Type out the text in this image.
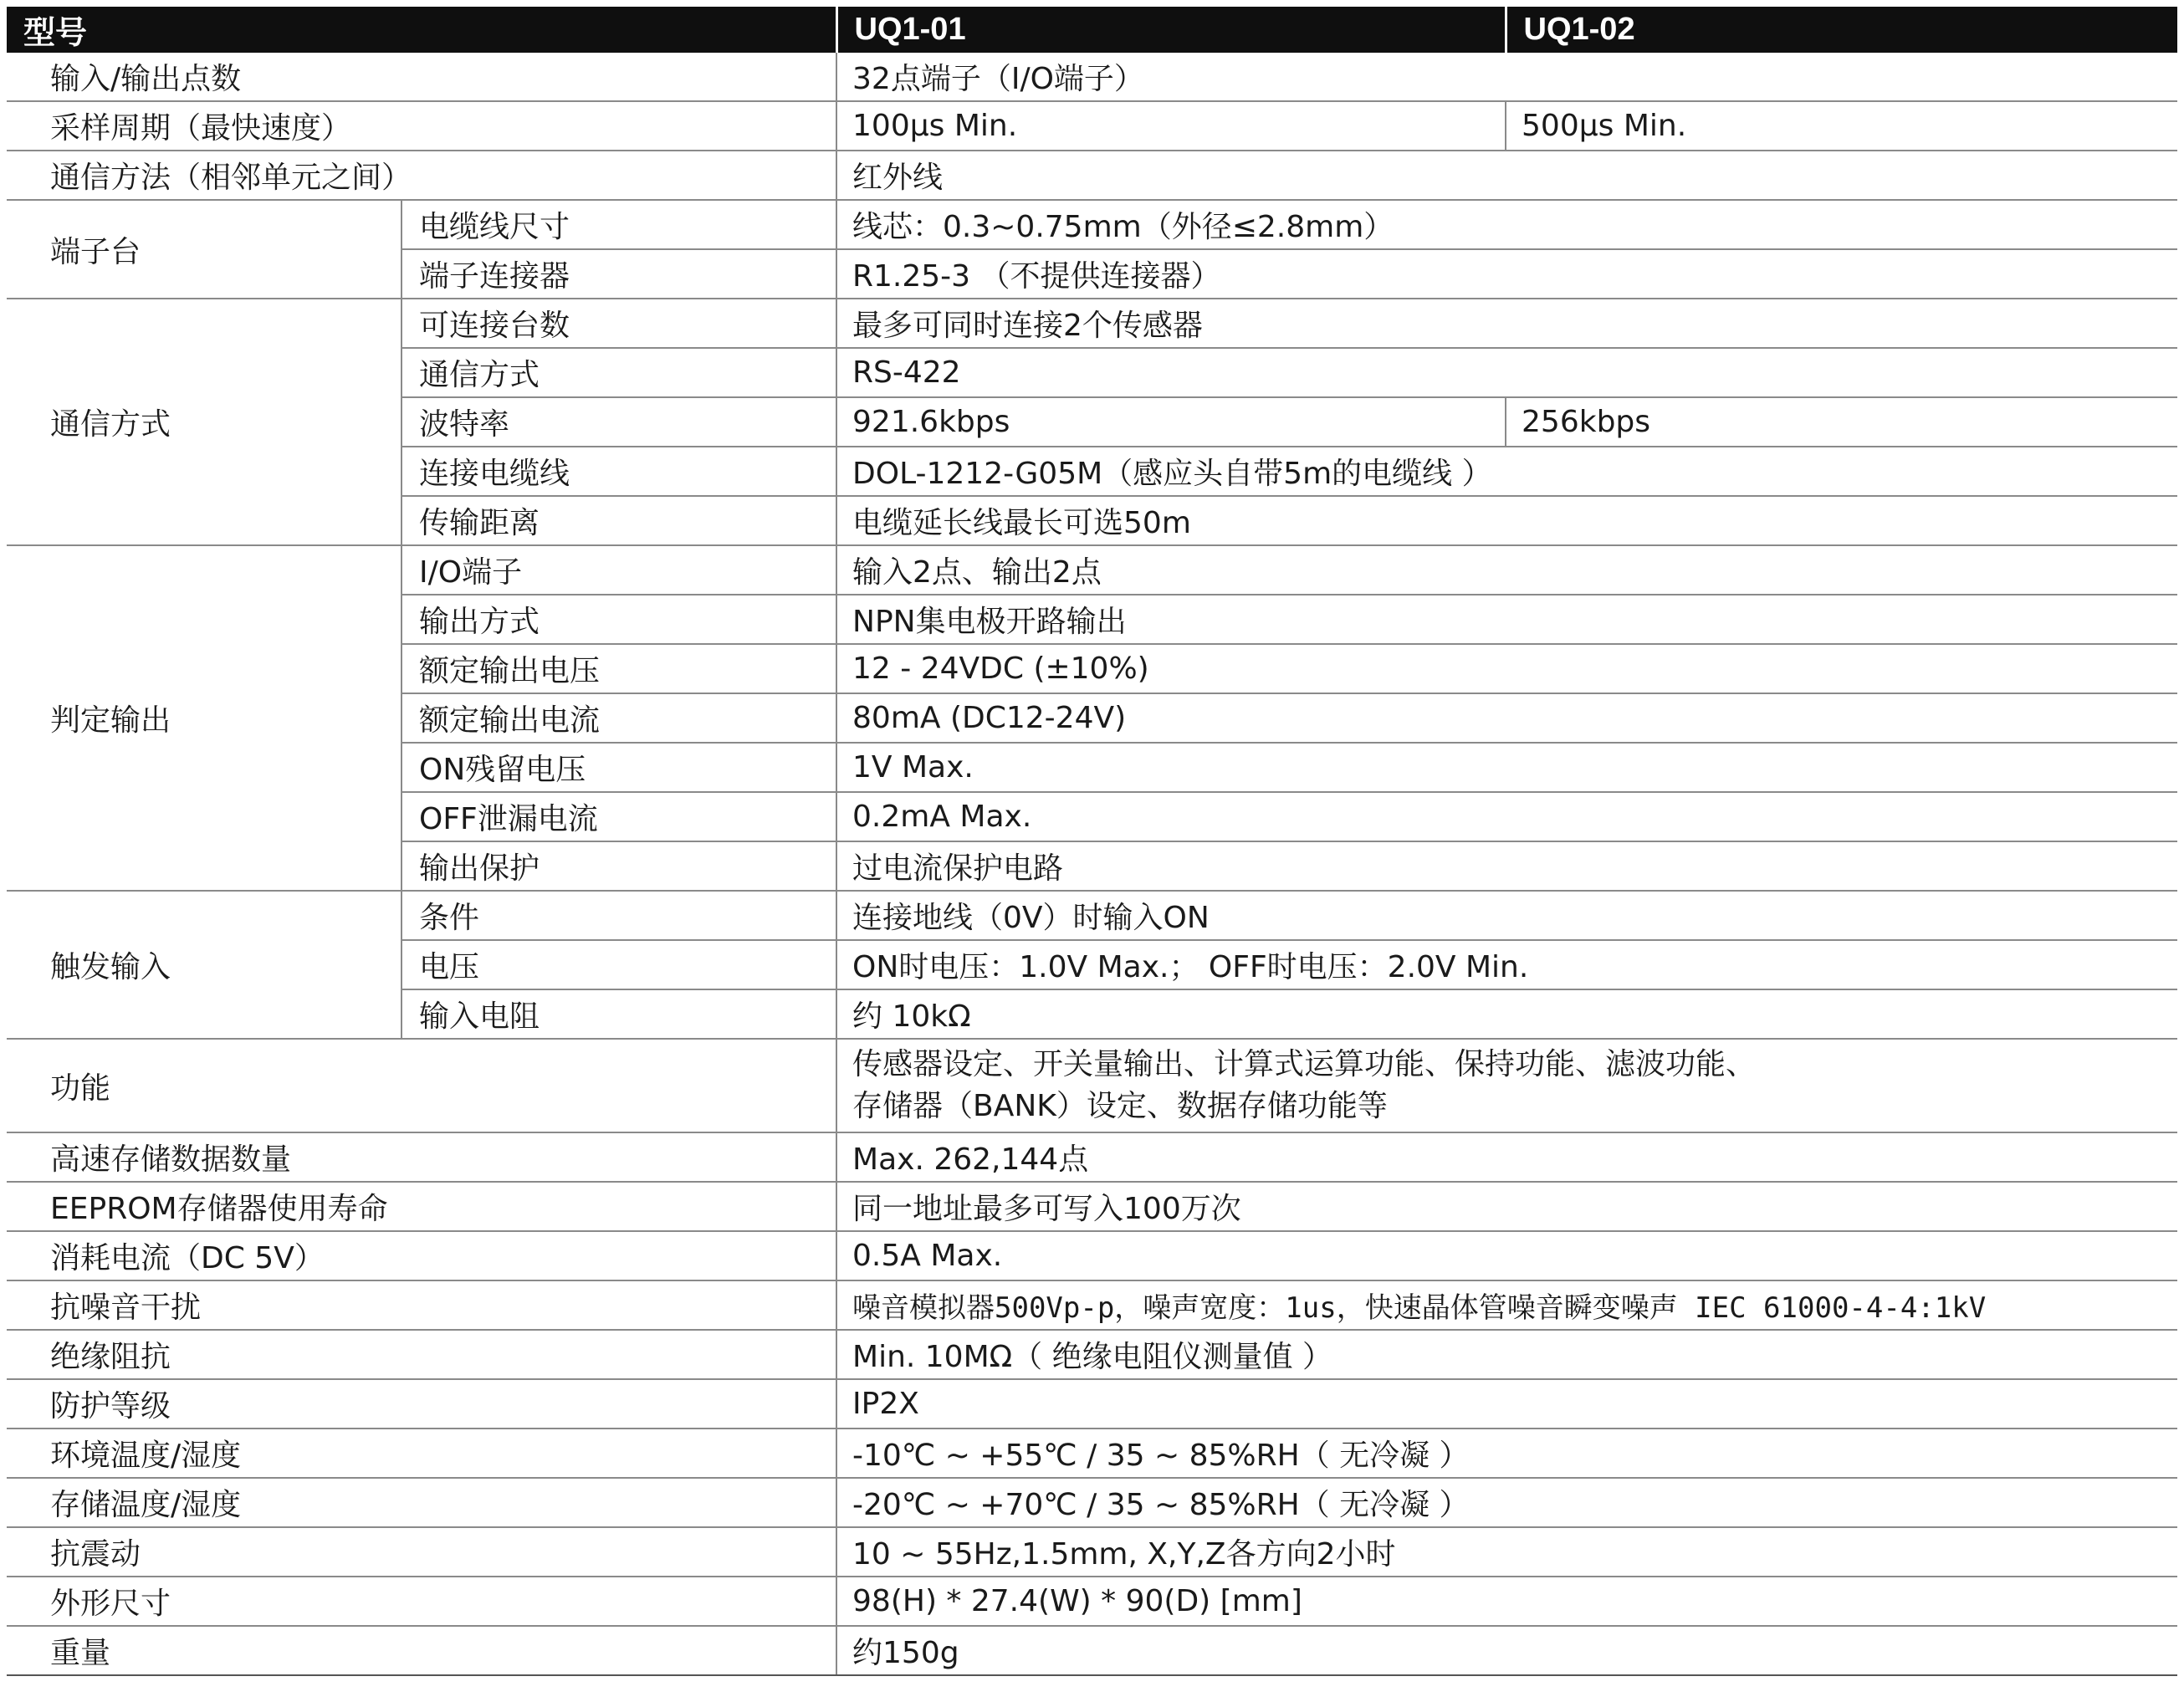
型号		UQ1-01	UQ1-02
输入/输出点数		32点端子（I/O端子）	
采样周期（最快速度）		100μs Min.	500μs Min.
通信方法（相邻单元之间）		红外线	
端子台	电缆线尺寸	线芯：0.3~0.75mm（外径≤2.8mm）	
	端子连接器	R1.25-3 （不提供连接器）	
通信方式	可连接台数	最多可同时连接2个传感器	
	通信方式	RS-422	
	波特率	921.6kbps	256kbps
	连接电缆线	DOL-1212-G05M（感应头自带5m的电缆线 ）	
	传输距离	电缆延长线最长可选50m	
判定输出	I/O端子	输入2点、输出2点	
	输出方式	NPN集电极开路输出	
	额定输出电压	12 - 24VDC (±10%)	
	额定输出电流	80mA (DC12-24V)	
	ON残留电压	1V Max.	
	OFF泄漏电流	0.2mA Max.	
	输出保护	过电流保护电路	
触发输入	条件	连接地线（0V）时输入ON	
	电压	ON时电压：1.0V Max.； OFF时电压：2.0V Min.	
	输入电阻	约 10kΩ	
功能		传感器设定、开关量输出、计算式运算功能、保持功能、滤波功能、
存储器（BANK）设定、数据存储功能等	

高速存储数据数量		Max. 262,144点	
EEPROM存储器使用寿命		同一地址最多可写入100万次	
消耗电流（DC 5V）		0.5A Max.	
抗噪音干扰		噪音模拟器500Vp-p，噪声宽度：1us，快速晶体管噪音瞬变噪声 IEC 61000-4-4:1kV	
绝缘阻抗		Min. 10MΩ（ 绝缘电阻仪测量值 ）	
防护等级		IP2X	
环境温度/湿度		-10℃ ~ +55℃ / 35 ~ 85%RH（ 无冷凝 ）	
存储温度/湿度		-20℃ ~ +70℃ / 35 ~ 85%RH（ 无冷凝 ）	
抗震动		10 ~ 55Hz,1.5mm, X,Y,Z各方向2小时	
外形尺寸		98(H) * 27.4(W) * 90(D) [mm]	
重量		约150g	
